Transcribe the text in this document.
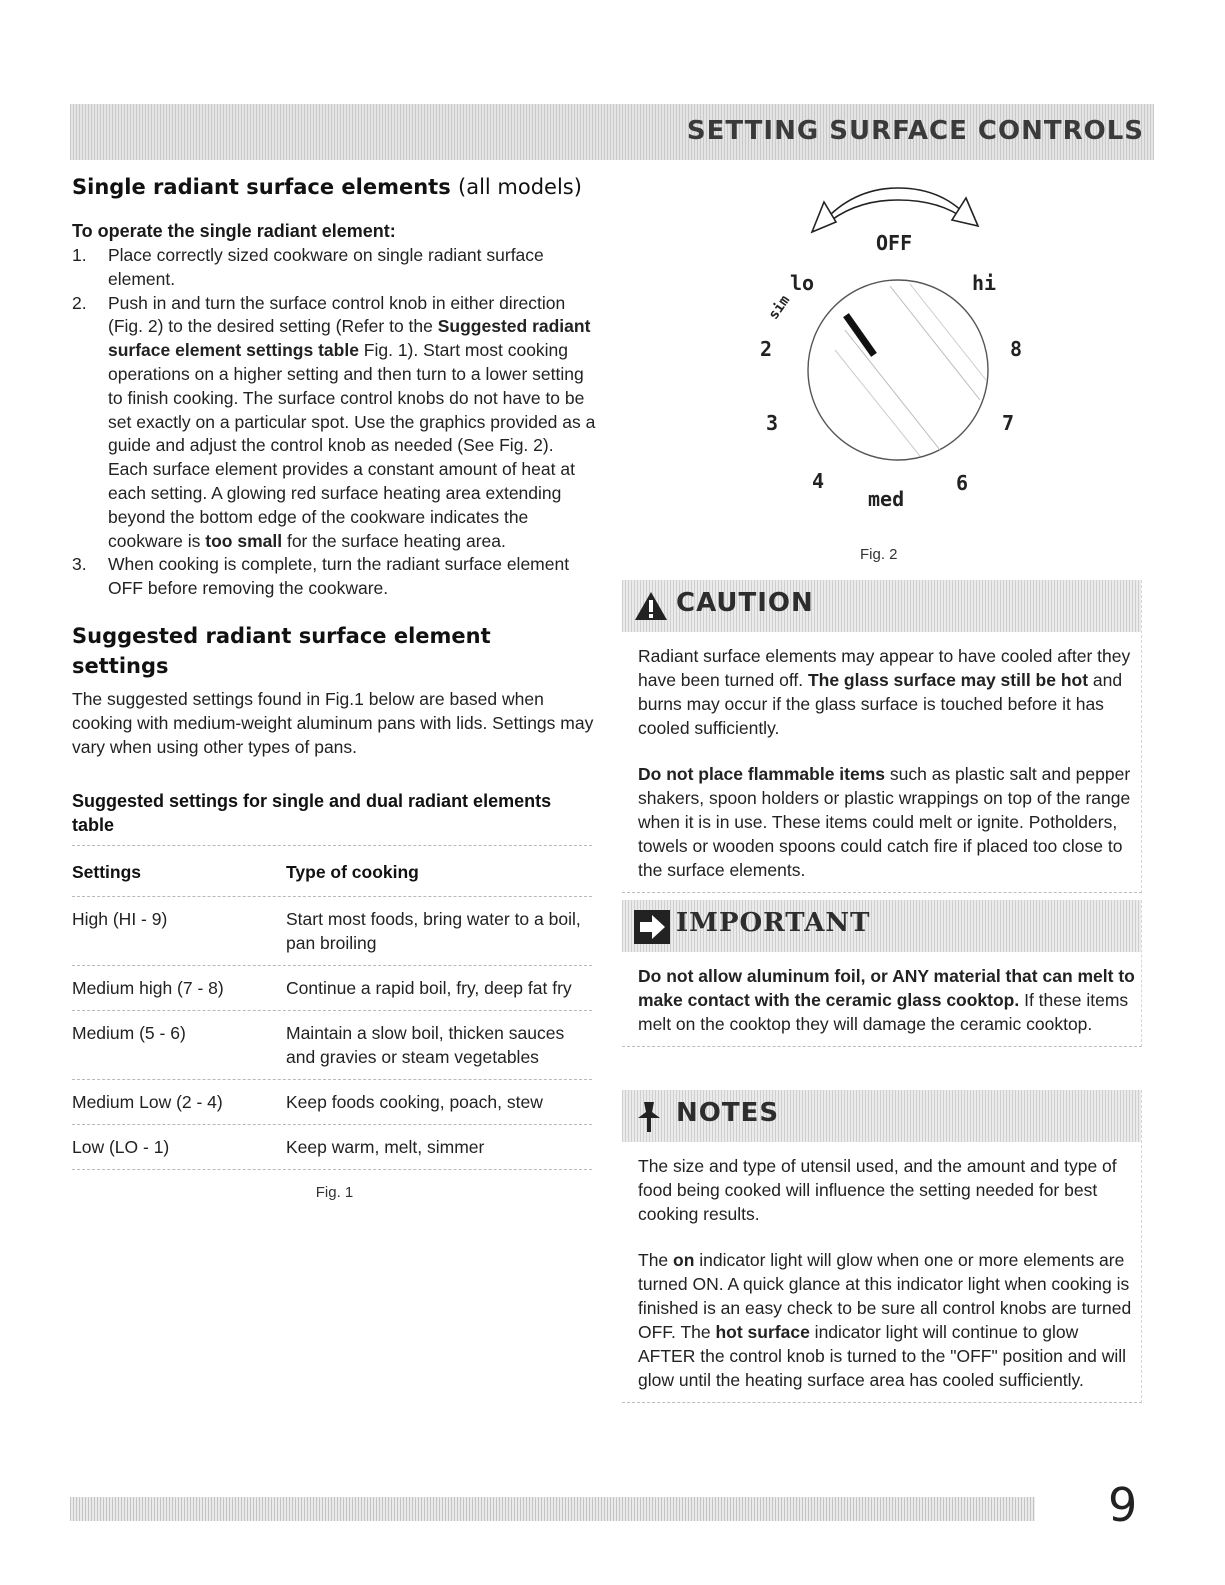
SETTING SURFACE CONTROLS
Single radiant surface elements (all models)
To operate the single radiant element:
1. Place correctly sized cookware on single radiant surface element.
2. Push in and turn the surface control knob in either direction (Fig. 2) to the desired setting (Refer to the Suggested radiant surface element settings table Fig. 1). Start most cooking operations on a higher setting and then turn to a lower setting to finish cooking. The surface control knobs do not have to be set exactly on a particular spot. Use the graphics provided as a guide and adjust the control knob as needed (See Fig. 2). Each surface element provides a constant amount of heat at each setting. A glowing red surface heating area extending beyond the bottom edge of the cookware indicates the cookware is too small for the surface heating area.
3. When cooking is complete, turn the radiant surface element OFF before removing the cookware.
Suggested radiant surface element
settings

The suggested settings found in Fig.1 below are based when cooking with medium-weight aluminum pans with lids. Settings may vary when using other types of pans.

Suggested settings for single and dual radiant elements table
Settings	Type of cooking
High (HI - 9)	Start most foods, bring water to a boil, pan broiling
Medium high (7 - 8)	Continue a rapid boil, fry, deep fat fry
Medium (5 - 6)	Maintain a slow boil, thicken sauces and gravies or steam vegetables
Medium Low (2 - 4)	Keep foods cooking, poach, stew
Low (LO - 1)	Keep warm, melt, simmer
Fig. 1
OFF
lo	hi
sim
2	8
3	7
4	6
med
Fig. 2
CAUTION

Radiant surface elements may appear to have cooled after they have been turned off. The glass surface may still be hot and burns may occur if the glass surface is touched before it has cooled sufficiently.

Do not place flammable items such as plastic salt and pepper shakers, spoon holders or plastic wrappings on top of the range when it is in use. These items could melt or ignite. Potholders, towels or wooden spoons could catch fire if placed too close to the surface elements.

IMPORTANT

Do not allow aluminum foil, or ANY material that can melt to make contact with the ceramic glass cooktop. If these items melt on the cooktop they will damage the ceramic cooktop.

NOTES

The size and type of utensil used, and the amount and type of food being cooked will influence the setting needed for best cooking results.

The on indicator light will glow when one or more elements are turned ON. A quick glance at this indicator light when cooking is finished is an easy check to be sure all control knobs are turned OFF. The hot surface indicator light will continue to glow AFTER the control knob is turned to the "OFF" position and will glow until the heating surface area has cooled sufficiently.

9
